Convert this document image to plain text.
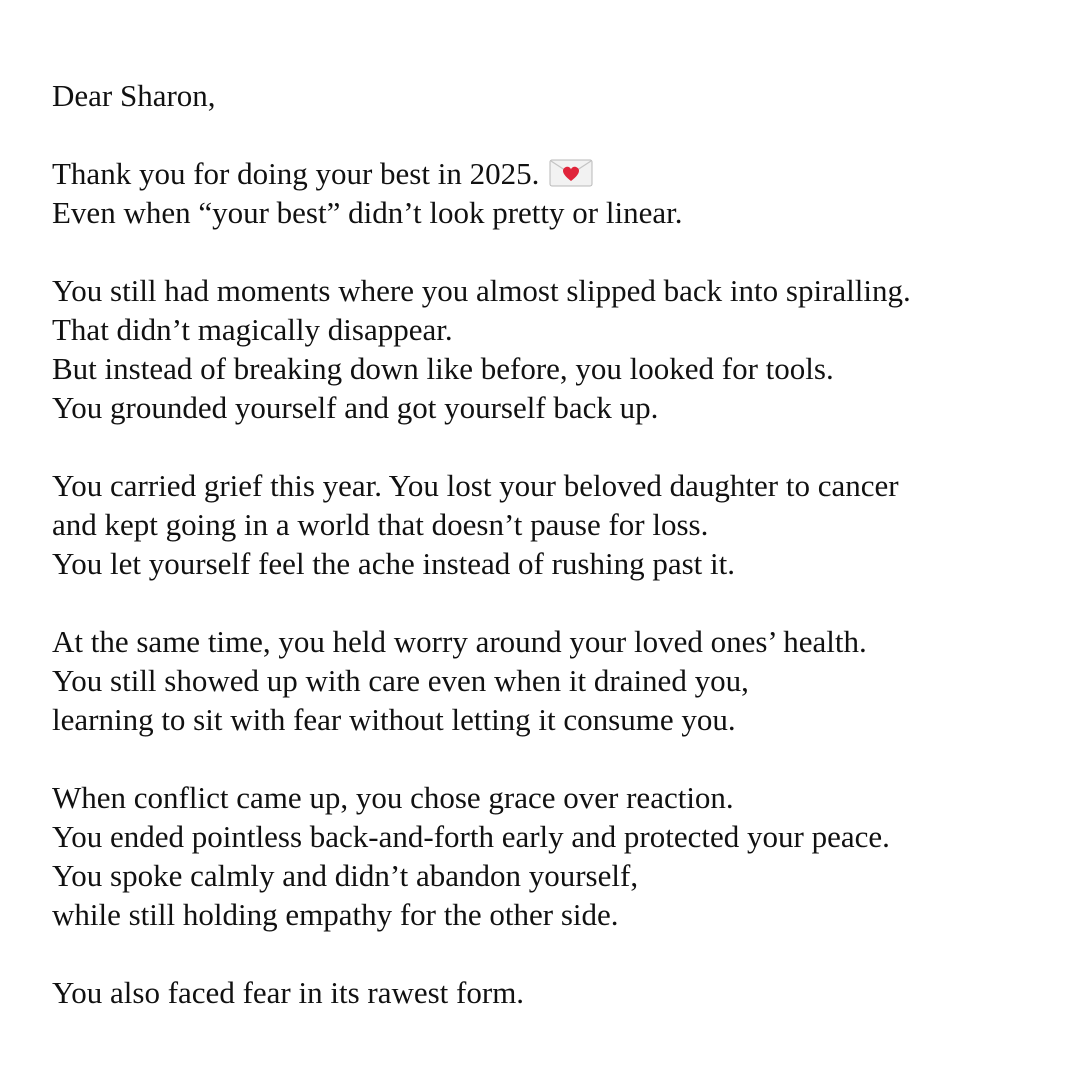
Dear Sharon,
Thank you for doing your best in 2025.
Even when “your best” didn’t look pretty or linear.
You still had moments where you almost slipped back into spiralling.
That didn’t magically disappear.
But instead of breaking down like before, you looked for tools.
You grounded yourself and got yourself back up.
You carried grief this year. You lost your beloved daughter to cancer
and kept going in a world that doesn’t pause for loss.
You let yourself feel the ache instead of rushing past it.
At the same time, you held worry around your loved ones’ health.
You still showed up with care even when it drained you,
learning to sit with fear without letting it consume you.
When conflict came up, you chose grace over reaction.
You ended pointless back-and-forth early and protected your peace.
You spoke calmly and didn’t abandon yourself,
while still holding empathy for the other side.
You also faced fear in its rawest form.
